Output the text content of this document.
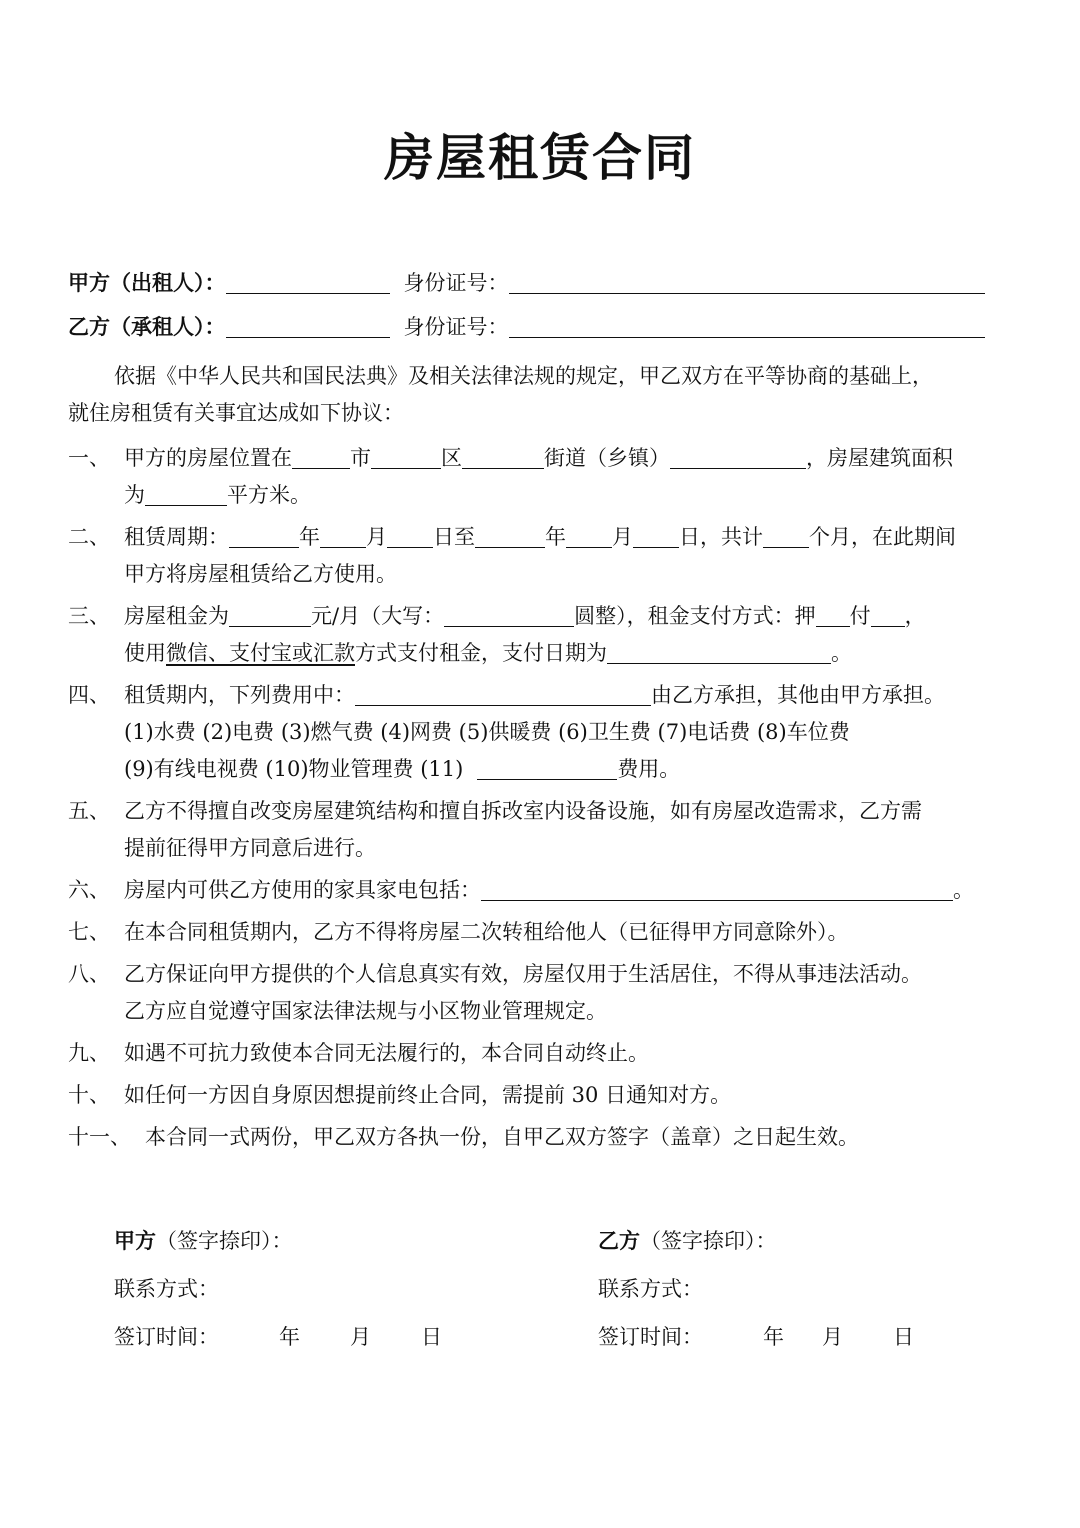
房屋租赁合同
甲方（出租人）：	身份证号：
乙方（承租人）：	身份证号：
依据《中华人民共和国民法典》及相关法律法规的规定，甲乙双方在平等协商的基础上，
就住房租赁有关事宜达成如下协议：
一、 甲方的房屋位置在	市	区	街道（乡镇）	，房屋建筑面积
为	平方米。
二、 租赁周期：	年 月 日至	年 月 日，共计 个月，在此期间
甲方将房屋租赁给乙方使用。
三、 房屋租金为	元/月（大写：	圆整），租金支付方式：押 付 ，
使用微信、支付宝或汇款方式支付租金，支付日期为	。
四、 租赁期内，下列费用中：	由乙方承担，其他由甲方承担。
(1)水费 (2)电费 (3)燃气费 (4)网费 (5)供暖费 (6)卫生费 (7)电话费 (8)车位费
(9)有线电视费 (10)物业管理费 (11)	费用。
五、 乙方不得擅自改变房屋建筑结构和擅自拆改室内设备设施，如有房屋改造需求，乙方需
提前征得甲方同意后进行。
六、 房屋内可供乙方使用的家具家电包括：	。
七、 在本合同租赁期内，乙方不得将房屋二次转租给他人（已征得甲方同意除外）。
八、 乙方保证向甲方提供的个人信息真实有效，房屋仅用于生活居住，不得从事违法活动。
乙方应自觉遵守国家法律法规与小区物业管理规定。
九、 如遇不可抗力致使本合同无法履行的，本合同自动终止。
十、 如任何一方因自身原因想提前终止合同，需提前 30 日通知对方。
十一、 本合同一式两份，甲乙双方各执一份，自甲乙双方签字（盖章）之日起生效。
甲方（签字捺印）：
联系方式：
签订时间：	年 月 日
乙方（签字捺印）：
联系方式：
签订时间：	年 月 日
